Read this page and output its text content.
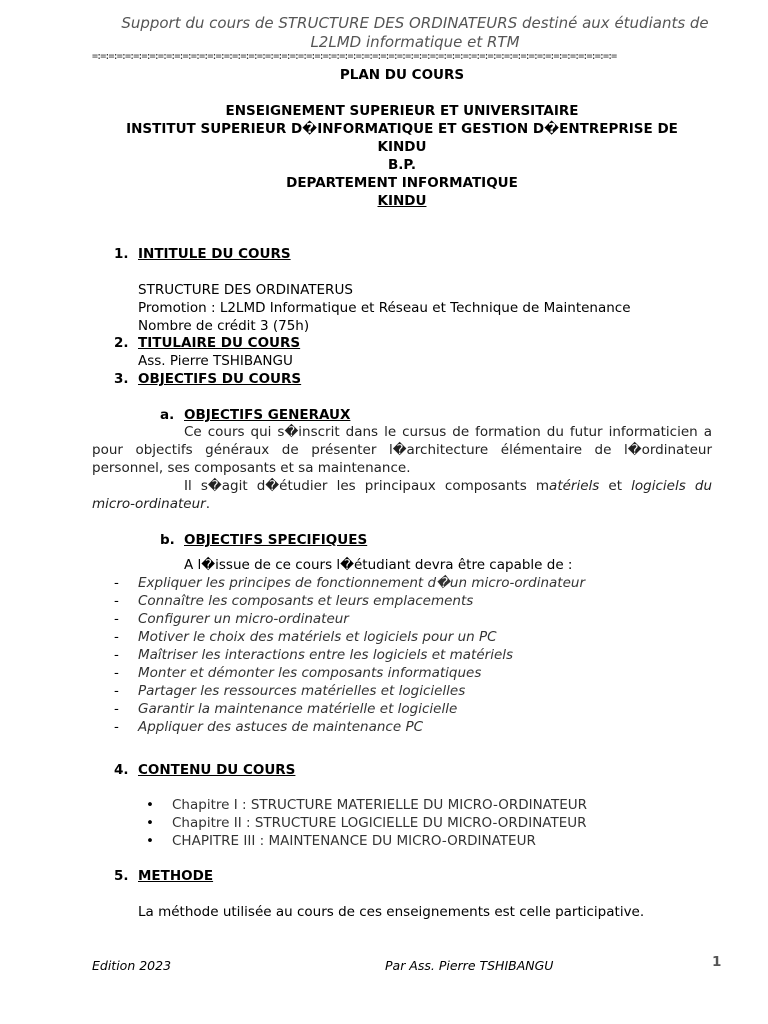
Support du cours de STRUCTURE DES ORDINATEURS destiné aux étudiants de
L2LMD informatique et RTM
=:=:=:=:=:=:=:=:=:=:=:=:=:=:=:=:=:=:=:=:=:=:=:=:=:=:=:=:=:=:=:=:=:=:=:=:=:=:=:=:=:=:=:=:=:=:=:=:=:=:=:=:=:=:=:=:=:=:=:=:=:=:=:=
PLAN DU COURS
ENSEIGNEMENT SUPERIEUR ET UNIVERSITAIRE
INSTITUT SUPERIEUR D�INFORMATIQUE ET GESTION D�ENTREPRISE DE
KINDU
B.P.
DEPARTEMENT INFORMATIQUE
KINDU
1. INTITULE DU COURS
STRUCTURE DES ORDINATERUS
Promotion : L2LMD Informatique et Réseau et Technique de Maintenance
Nombre de crédit 3 (75h)
2. TITULAIRE DU COURS
Ass. Pierre TSHIBANGU
3. OBJECTIFS DU COURS
a. OBJECTIFS GENERAUX
Ce cours qui s�inscrit dans le cursus de formation du futur informaticien a pour objectifs généraux de présenter l�architecture élémentaire de l�ordinateur personnel, ses composants et sa maintenance.
Il s�agit d�étudier les principaux composants matériels et logiciels du micro-ordinateur.
b. OBJECTIFS SPECIFIQUES
A l�issue de ce cours l�étudiant devra être capable de :
- Expliquer les principes de fonctionnement d�un micro-ordinateur
- Connaître les composants et leurs emplacements
- Configurer un micro-ordinateur
- Motiver le choix des matériels et logiciels pour un PC
- Maîtriser les interactions entre les logiciels et matériels
- Monter et démonter les composants informatiques
- Partager les ressources matérielles et logicielles
- Garantir la maintenance matérielle et logicielle
- Appliquer des astuces de maintenance PC
4. CONTENU DU COURS
• Chapitre I : STRUCTURE MATERIELLE DU MICRO-ORDINATEUR
• Chapitre II : STRUCTURE LOGICIELLE DU MICRO-ORDINATEUR
• CHAPITRE III : MAINTENANCE DU MICRO-ORDINATEUR
5. METHODE
La méthode utilisée au cours de ces enseignements est celle participative.
Edition 2023	Par Ass. Pierre TSHIBANGU	1
